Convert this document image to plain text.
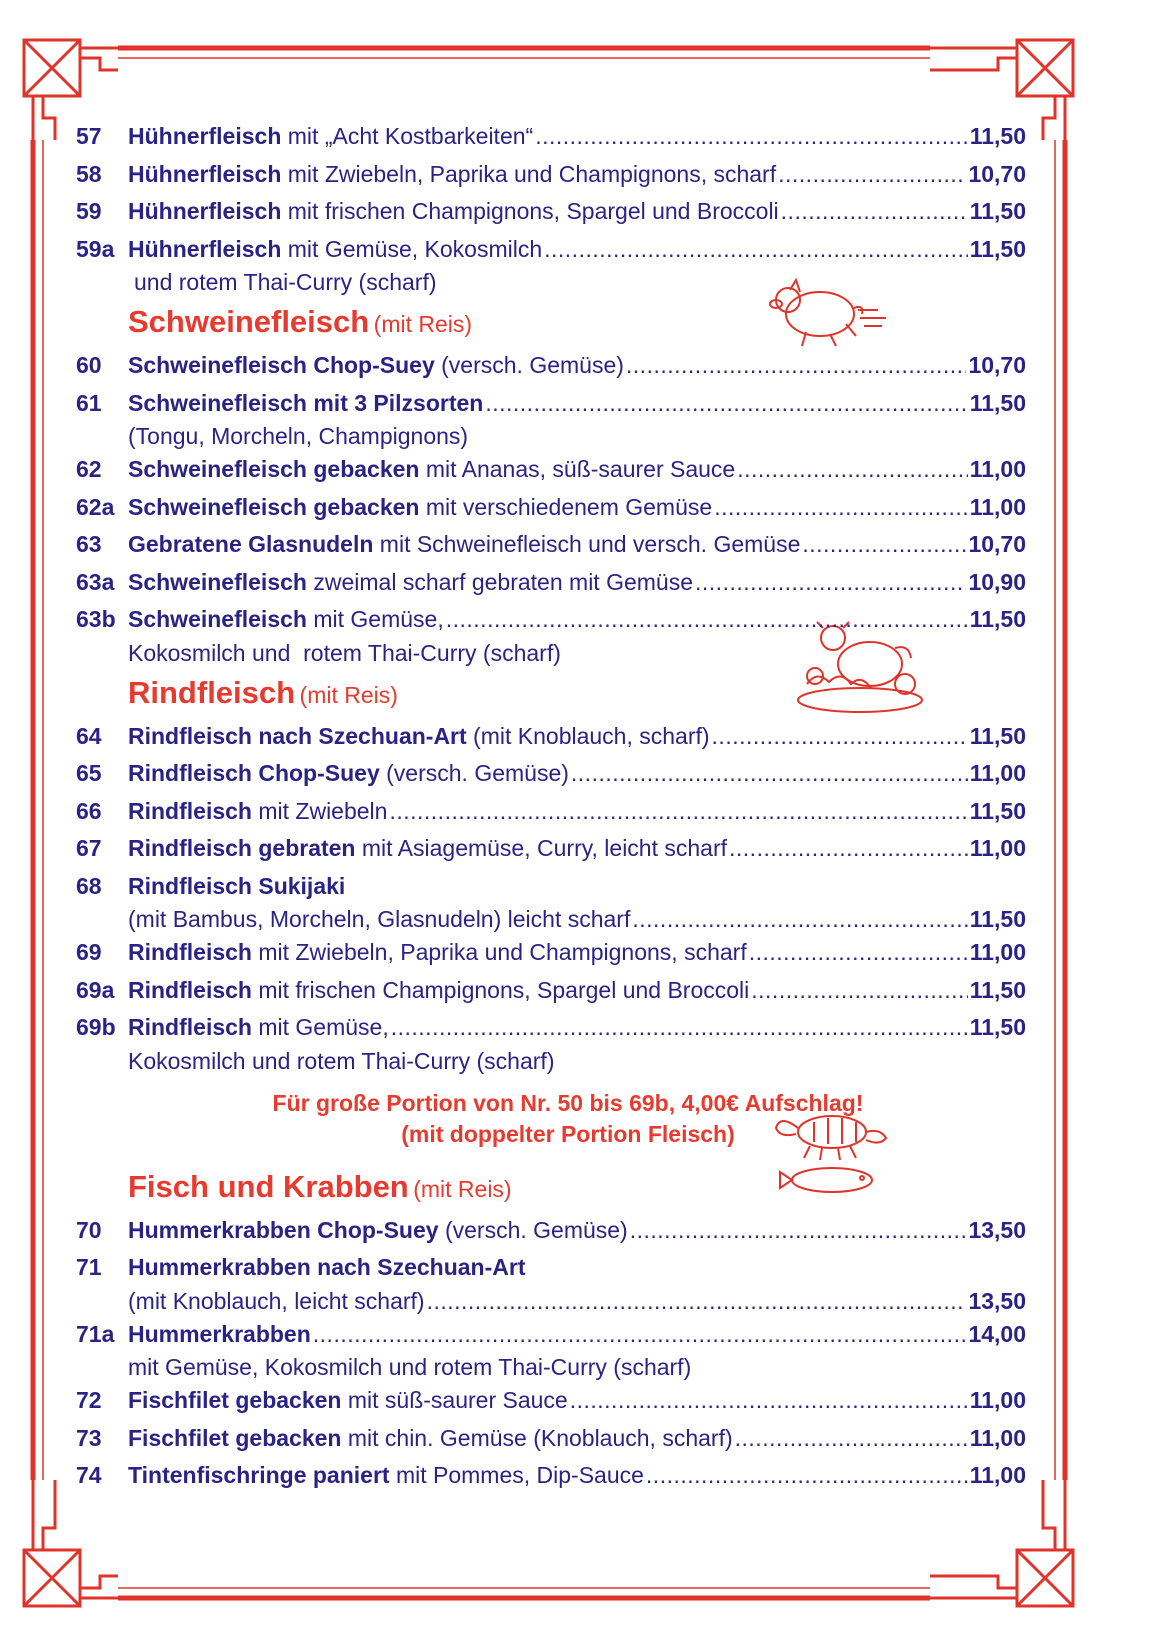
57	Hühnerfleisch mit „Acht Kostbarkeiten“ .....	11,50
58	Hühnerfleisch mit Zwiebeln, Paprika und Champignons, scharf .....	10,70
59	Hühnerfleisch mit frischen Champignons, Spargel und Broccoli .....	11,50
59a Hühnerfleisch mit Gemüse, Kokosmilch .....	11,50
und rotem Thai-Curry (scharf)
Schweinefleisch (mit Reis)
60	Schweinefleisch Chop-Suey (versch. Gemüse) .....	10,70
61	Schweinefleisch mit 3 Pilzsorten .....	11,50
(Tongu, Morcheln, Champignons)
62	Schweinefleisch gebacken mit Ananas, süß-saurer Sauce .....	11,00
62a Schweinefleisch gebacken mit verschiedenem Gemüse .....	11,00
63	Gebratene Glasnudeln mit Schweinefleisch und versch. Gemüse .....	10,70
63a Schweinefleisch zweimal scharf gebraten mit Gemüse .....	10,90
63b Schweinefleisch mit Gemüse, .....	11,50
Kokosmilch und  rotem Thai-Curry (scharf)
Rindfleisch (mit Reis)
64	Rindfleisch nach Szechuan-Art (mit Knoblauch, scharf) .....	11,50
65	Rindfleisch Chop-Suey (versch. Gemüse) .....	11,00
66	Rindfleisch mit Zwiebeln .....	11,50
67	Rindfleisch gebraten mit Asiagemüse, Curry, leicht scharf .....	11,00
68	Rindfleisch Sukijaki
(mit Bambus, Morcheln, Glasnudeln) leicht scharf .....	11,50
69	Rindfleisch mit Zwiebeln, Paprika und Champignons, scharf .....	11,00
69a Rindfleisch mit frischen Champignons, Spargel und Broccoli .....	11,50
69b Rindfleisch mit Gemüse, .....	11,50
Kokosmilch und rotem Thai-Curry (scharf)
Für große Portion von Nr. 50 bis 69b, 4,00€ Aufschlag!
(mit doppelter Portion Fleisch)
Fisch und Krabben (mit Reis)
70	Hummerkrabben Chop-Suey (versch. Gemüse) .....	13,50
71	Hummerkrabben nach Szechuan-Art
(mit Knoblauch, leicht scharf) .....	13,50
71a Hummerkrabben .....	14,00
mit Gemüse, Kokosmilch und rotem Thai-Curry (scharf)
72	Fischfilet gebacken mit süß-saurer Sauce .....	11,00
73	Fischfilet gebacken mit chin. Gemüse (Knoblauch, scharf) .....	11,00
74	Tintenfischringe paniert mit Pommes, Dip-Sauce .....	11,00
